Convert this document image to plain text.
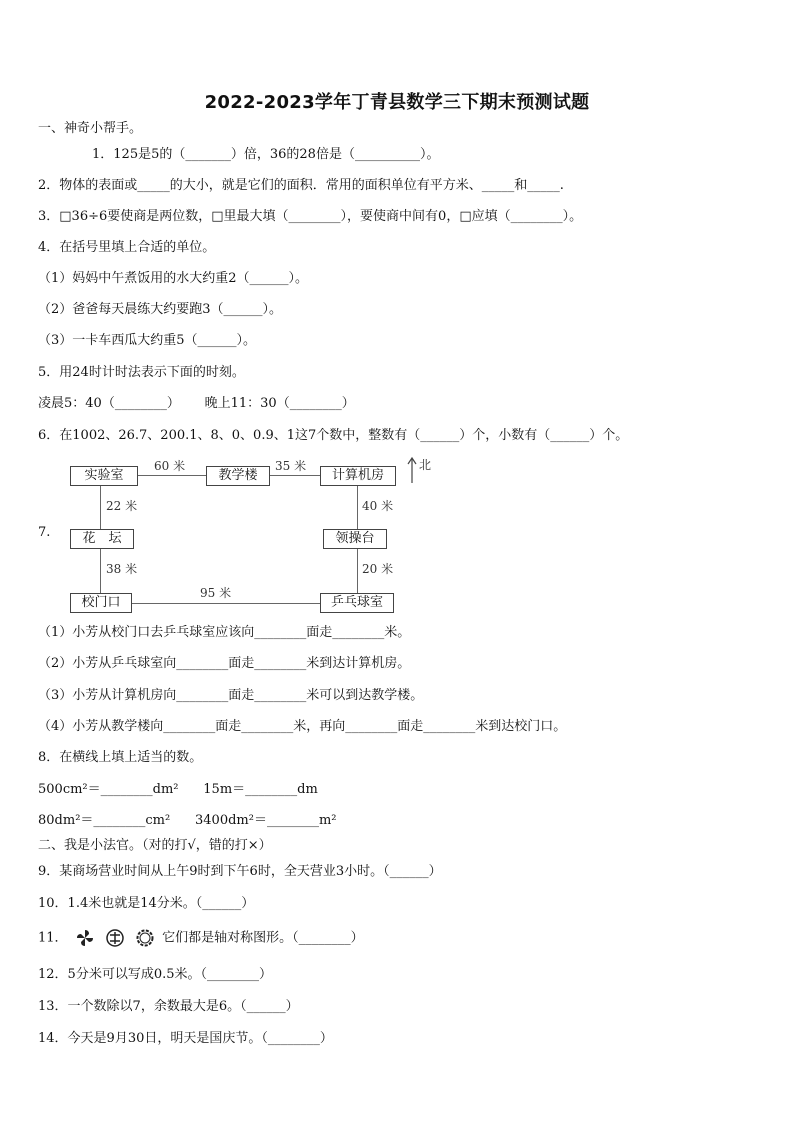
2022-2023学年丁青县数学三下期末预测试题
一、神奇小帮手。
1．125是5的（_______）倍，36的28倍是（__________）。
2．物体的表面或_____的大小，就是它们的面积．常用的面积单位有平方米、_____和_____.
3．□36÷6要使商是两位数，□里最大填（________），要使商中间有0，□应填（________）。
4．在括号里填上合适的单位。
（1）妈妈中午煮饭用的水大约重2（______）。
（2）爸爸每天晨练大约要跑3（______）。
（3）一卡车西瓜大约重5（______）。
5．用24时计时法表示下面的时刻。
凌晨5：40（________）      晚上11：30（________）
6．在1002、26.7、200.1、8、0、0.9、1这7个数中，整数有（______）个，小数有（______）个。
7.
实验室	教学楼	计算机房
花　坛	领操台
校门口	乒乓球室
60 米	35 米
22 米	40 米
38 米	20 米
95 米
北
（1）小芳从校门口去乒乓球室应该向________面走________米。
（2）小芳从乒乓球室向________面走________米到达计算机房。
（3）小芳从计算机房向________面走________米可以到达教学楼。
（4）小芳从教学楼向________面走________米，再向________面走________米到达校门口。
8．在横线上填上适当的数。
500cm²＝________dm²      15m＝________dm
80dm²＝________cm²      3400dm²＝________m²
二、我是小法官。（对的打√，错的打×）
9．某商场营业时间从上午9时到下午6时，全天营业3小时。（______）
10．1.4米也就是14分米。（______）
11．	它们都是轴对称图形。（________）
12．5分米可以写成0.5米。（________）
13．一个数除以7，余数最大是6。（______）
14．今天是9月30日，明天是国庆节。（________）
